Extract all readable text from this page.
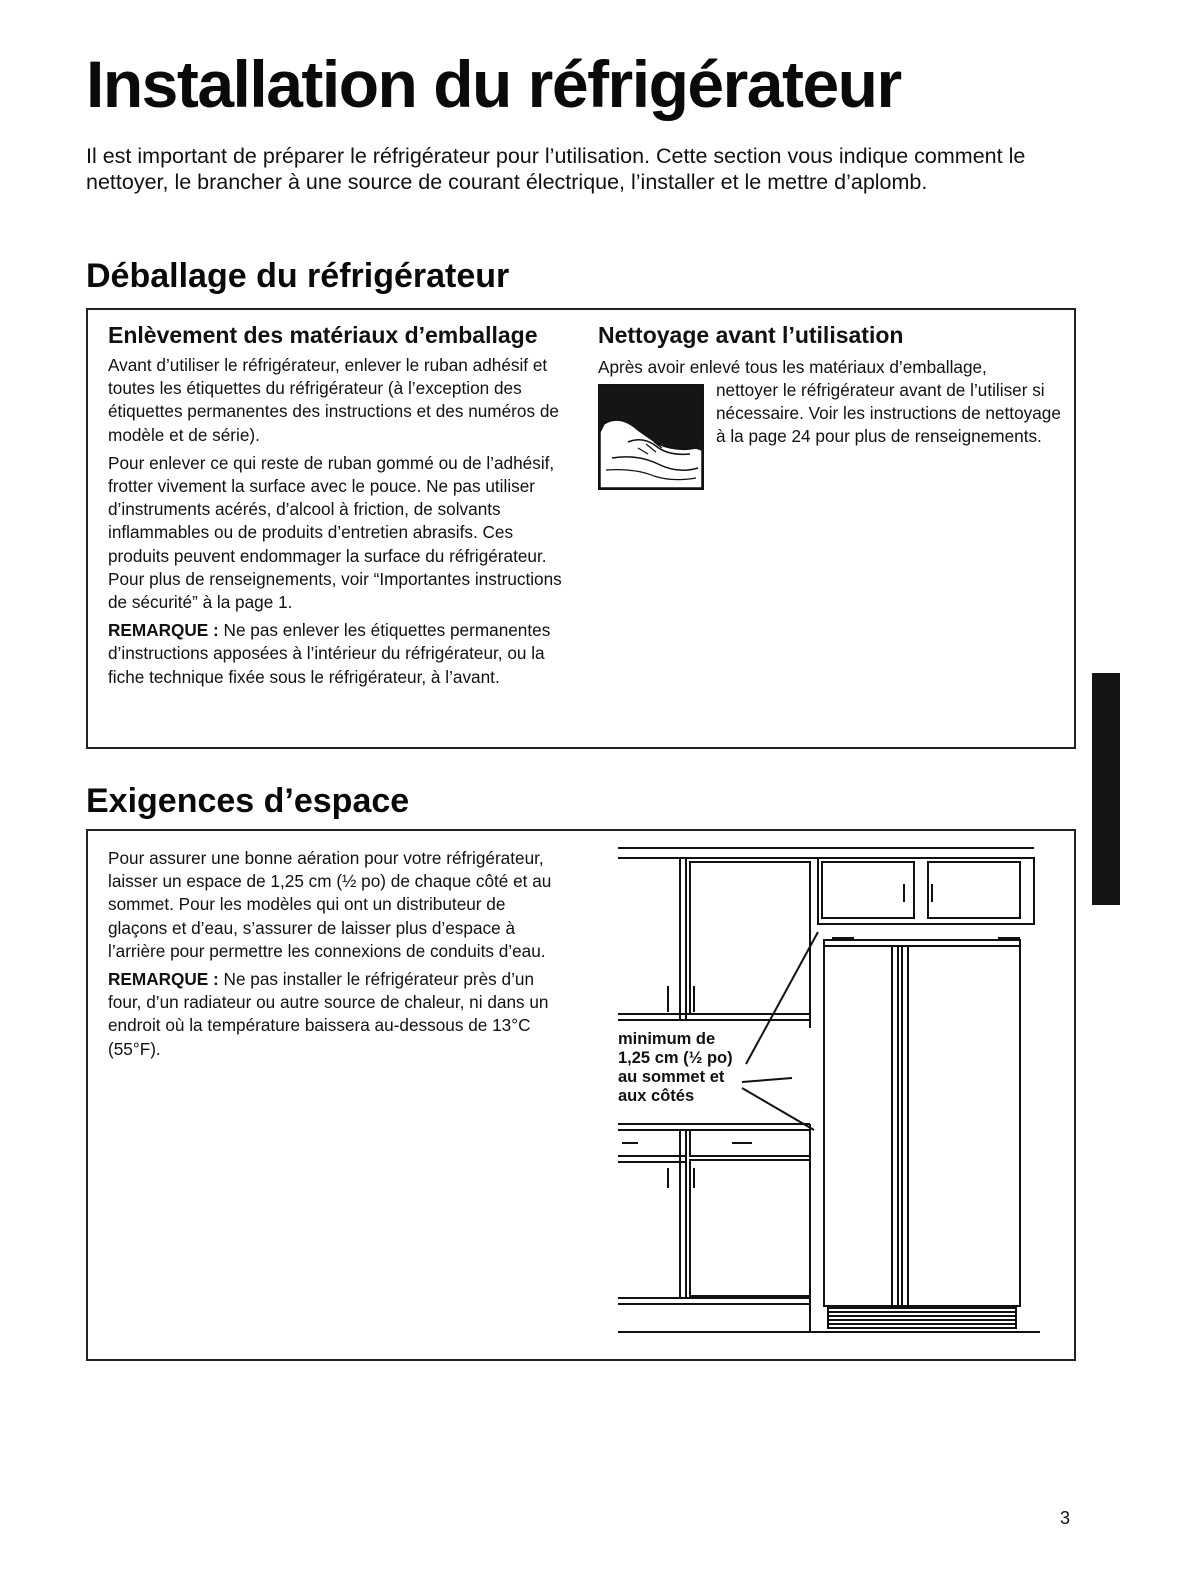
Installation du réfrigérateur

Il est important de préparer le réfrigérateur pour l’utilisation. Cette section vous indique comment le nettoyer, le brancher à une source de courant électrique, l’installer et le mettre d’aplomb.

Déballage du réfrigérateur
Enlèvement des matériaux d’emballage

Avant d’utiliser le réfrigérateur, enlever le ruban adhésif et toutes les étiquettes du réfrigérateur (à l’exception des étiquettes permanentes des instructions et des numéros de modèle et de série).

Pour enlever ce qui reste de ruban gommé ou de l’adhésif, frotter vivement la surface avec le pouce. Ne pas utiliser d’instruments acérés, d’alcool à friction, de solvants inflammables ou de produits d’entretien abrasifs. Ces produits peuvent endommager la surface du réfrigérateur. Pour plus de renseignements, voir “Importantes instructions de sécurité” à la page 1.

REMARQUE : Ne pas enlever les étiquettes permanentes d’instructions apposées à l’intérieur du réfrigérateur, ou la fiche technique fixée sous le réfrigérateur, à l’avant.

Nettoyage avant l’utilisation

Après avoir enlevé tous les matériaux d’emballage,

nettoyer le réfrigérateur avant de l’utiliser si nécessaire. Voir les instructions de nettoyage à la page 24 pour plus de renseignements.

Exigences d’espace

Pour assurer une bonne aération pour votre réfrigérateur, laisser un espace de 1,25 cm (½ po) de chaque côté et au sommet. Pour les modèles qui ont un distributeur de glaçons et d’eau, s’assurer de laisser plus d’espace à l’arrière pour permettre les connexions de conduits d’eau.

REMARQUE : Ne pas installer le réfrigérateur près d’un four, d’un radiateur ou autre source de chaleur, ni dans un endroit où la température baissera au-dessous de 13°C (55°F).	minimum de
1,25 cm (½ po)
au sommet et
aux côtés

3
